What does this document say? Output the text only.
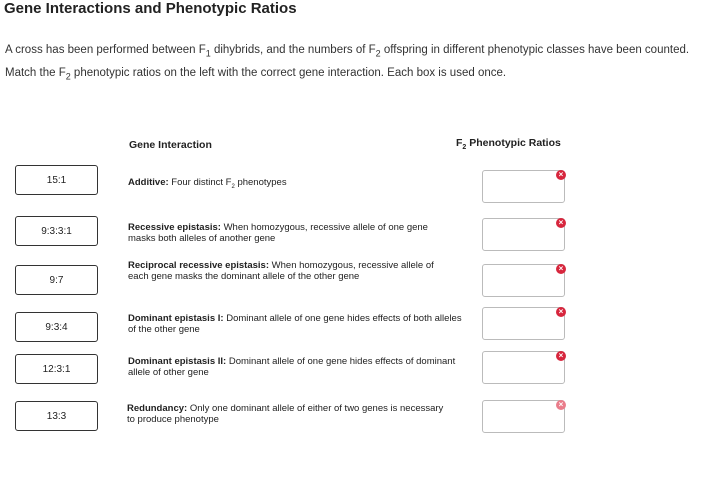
Gene Interactions and Phenotypic Ratios
A cross has been performed between $F_1$ dihybrids, and the numbers of $F_2$ offspring in different phenotypic classes have been counted. Match the $F_2$ phenotypic ratios on the left with the correct gene interaction. Each box is used once.
Gene Interaction	$F_2$ Phenotypic Ratios
15:1
9:3:3:1
9:7
9:3:4
12:3:1
13:3
Additive: Four distinct $F_2$ phenotypes
Recessive epistasis: When homozygous, recessive allele of one gene masks both alleles of another gene
Reciprocal recessive epistasis: When homozygous, recessive allele of each gene masks the dominant allele of the other gene
Dominant epistasis I: Dominant allele of one gene hides effects of both alleles of the other gene
Dominant epistasis II: Dominant allele of one gene hides effects of dominant allele of other gene
Redundancy: Only one dominant allele of either of two genes is necessary to produce phenotype
×
×
×
×
×
×
